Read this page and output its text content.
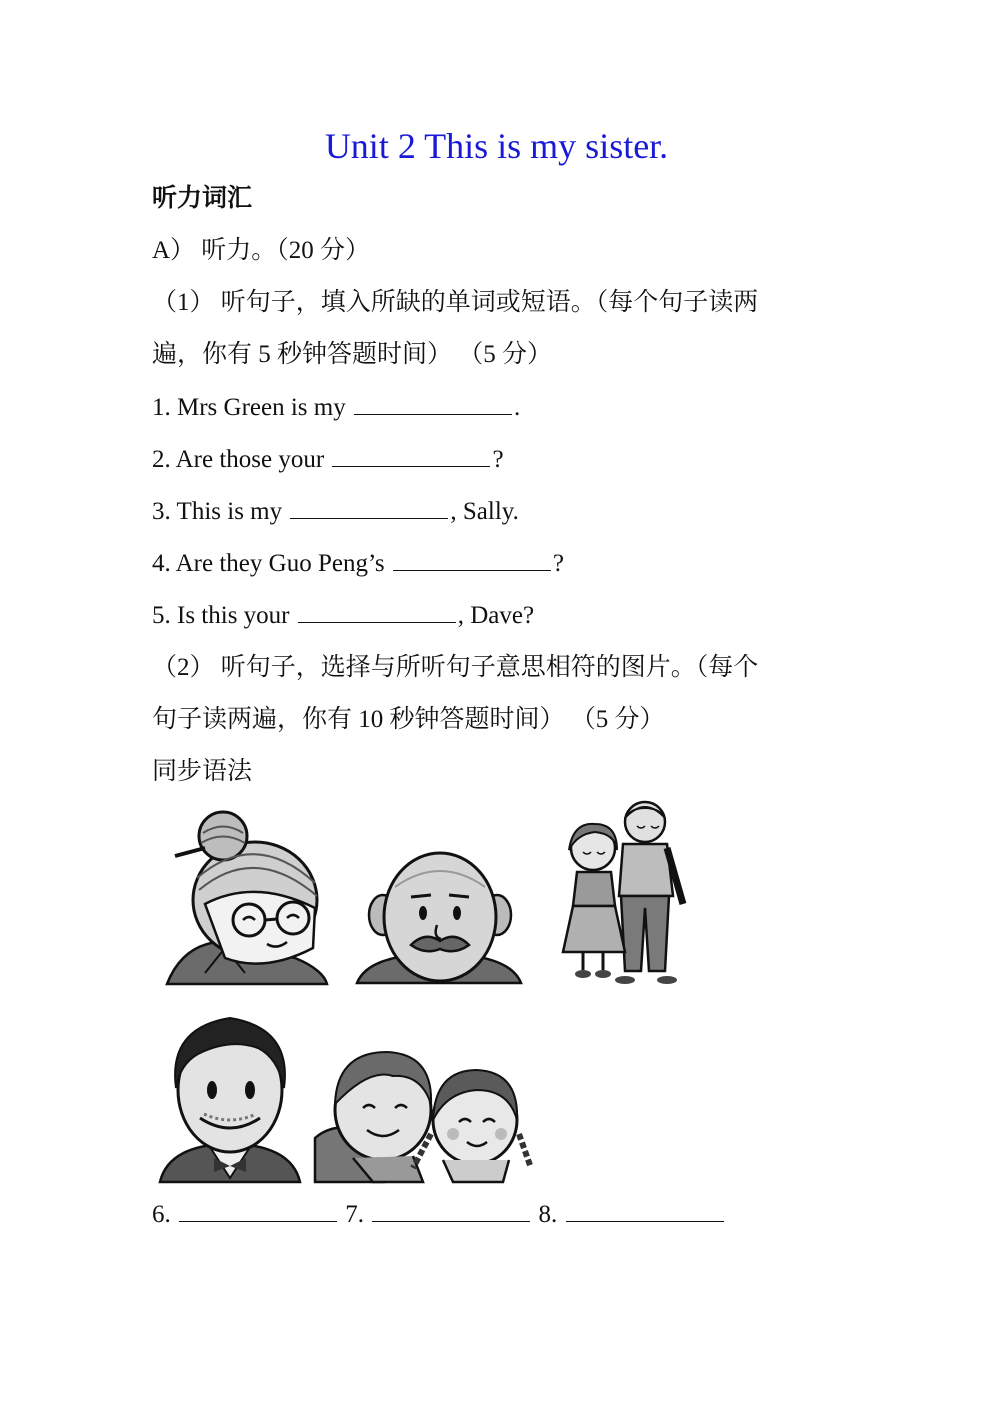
Unit 2 This is my sister.
听力词汇
A） 听力。（20 分）
（1） 听句子，填入所缺的单词或短语。（每个句子读两
遍，你有 5 秒钟答题时间） （5 分）
1. Mrs Green is my	.
2. Are those your	?
3. This is my	, Sally.
4. Are they Guo Peng’s	?
5. Is this your	, Dave?
（2） 听句子，选择与所听句子意思相符的图片。（每个
句子读两遍，你有 10 秒钟答题时间） （5 分）
同步语法
6.	7.	8.
